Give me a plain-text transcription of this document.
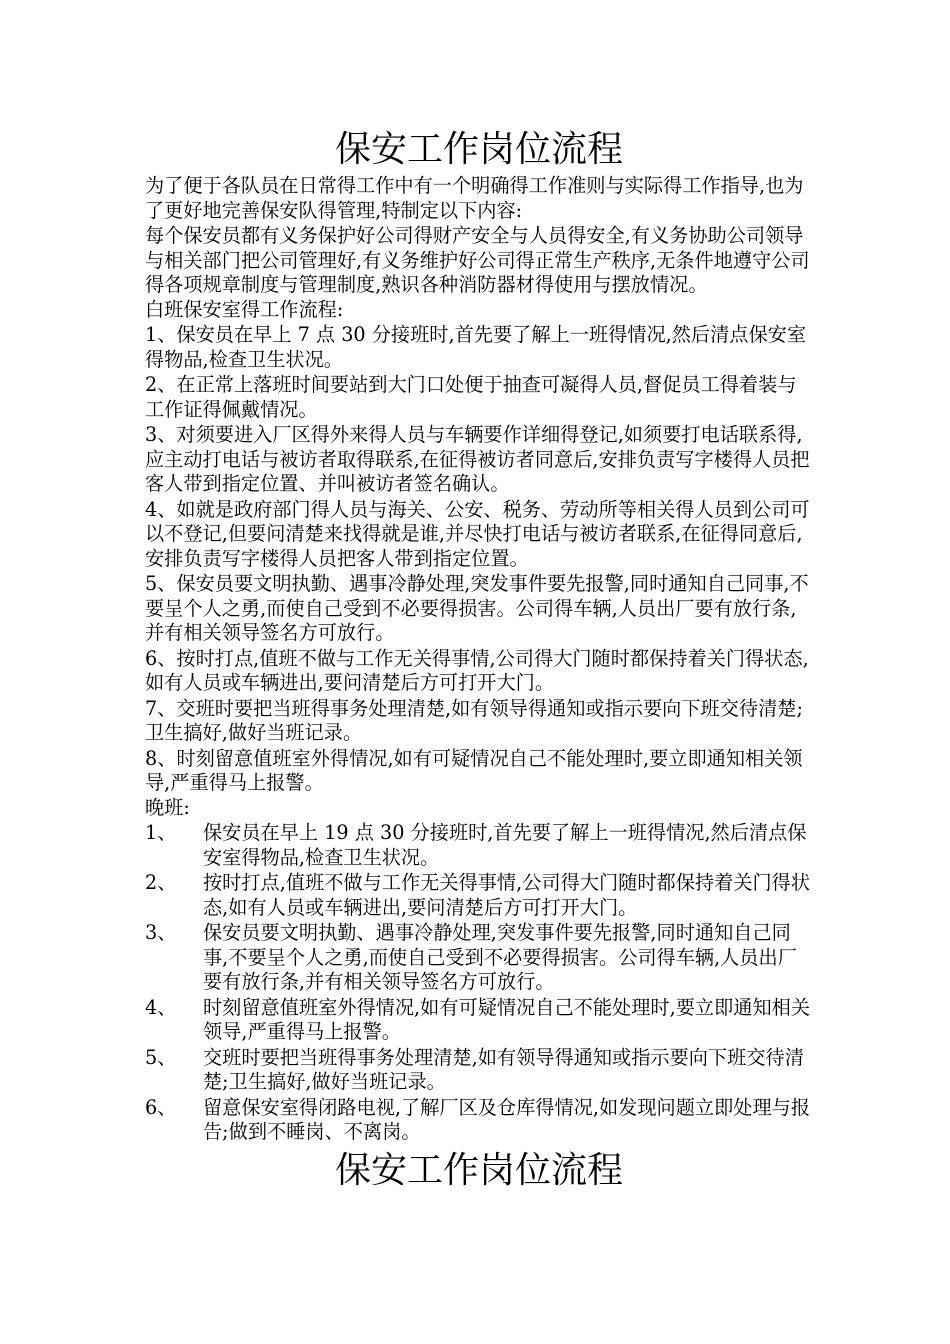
保安工作岗位流程

为了便于各队员在日常得工作中有一个明确得工作准则与实际得工作指导,也为了更好地完善保安队得管理,特制定以下内容:

每个保安员都有义务保护好公司得财产安全与人员得安全,有义务协助公司领导与相关部门把公司管理好,有义务维护好公司得正常生产秩序,无条件地遵守公司得各项规章制度与管理制度,熟识各种消防器材得使用与摆放情况。

白班保安室得工作流程:

1、保安员在早上 7 点 30 分接班时,首先要了解上一班得情况,然后清点保安室得物品,检查卫生状况。

2、在正常上落班时间要站到大门口处便于抽查可凝得人员,督促员工得着装与工作证得佩戴情况。

3、对须要进入厂区得外来得人员与车辆要作详细得登记,如须要打电话联系得,应主动打电话与被访者取得联系,在征得被访者同意后,安排负责写字楼得人员把客人带到指定位置、并叫被访者签名确认。

4、如就是政府部门得人员与海关、公安、税务、劳动所等相关得人员到公司可以不登记,但要问清楚来找得就是谁,并尽快打电话与被访者联系,在征得同意后,安排负责写字楼得人员把客人带到指定位置。

5、保安员要文明执勤、遇事冷静处理,突发事件要先报警,同时通知自己同事,不要呈个人之勇,而使自己受到不必要得损害。公司得车辆,人员出厂要有放行条,并有相关领导签名方可放行。

6、按时打点,值班不做与工作无关得事情,公司得大门随时都保持着关门得状态,如有人员或车辆进出,要问清楚后方可打开大门。

7、交班时要把当班得事务处理清楚,如有领导得通知或指示要向下班交待清楚;卫生搞好,做好当班记录。

8、时刻留意值班室外得情况,如有可疑情况自己不能处理时,要立即通知相关领导,严重得马上报警。

晚班:

1、	保安员在早上 19 点 30 分接班时,首先要了解上一班得情况,然后清点保安室得物品,检查卫生状况。
2、	按时打点,值班不做与工作无关得事情,公司得大门随时都保持着关门得状态,如有人员或车辆进出,要问清楚后方可打开大门。
3、	保安员要文明执勤、遇事冷静处理,突发事件要先报警,同时通知自己同事,不要呈个人之勇,而使自己受到不必要得损害。公司得车辆,人员出厂要有放行条,并有相关领导签名方可放行。
4、	时刻留意值班室外得情况,如有可疑情况自己不能处理时,要立即通知相关领导,严重得马上报警。
5、	交班时要把当班得事务处理清楚,如有领导得通知或指示要向下班交待清楚;卫生搞好,做好当班记录。
6、	留意保安室得闭路电视,了解厂区及仓库得情况,如发现问题立即处理与报告;做到不睡岗、不离岗。
保安工作岗位流程
